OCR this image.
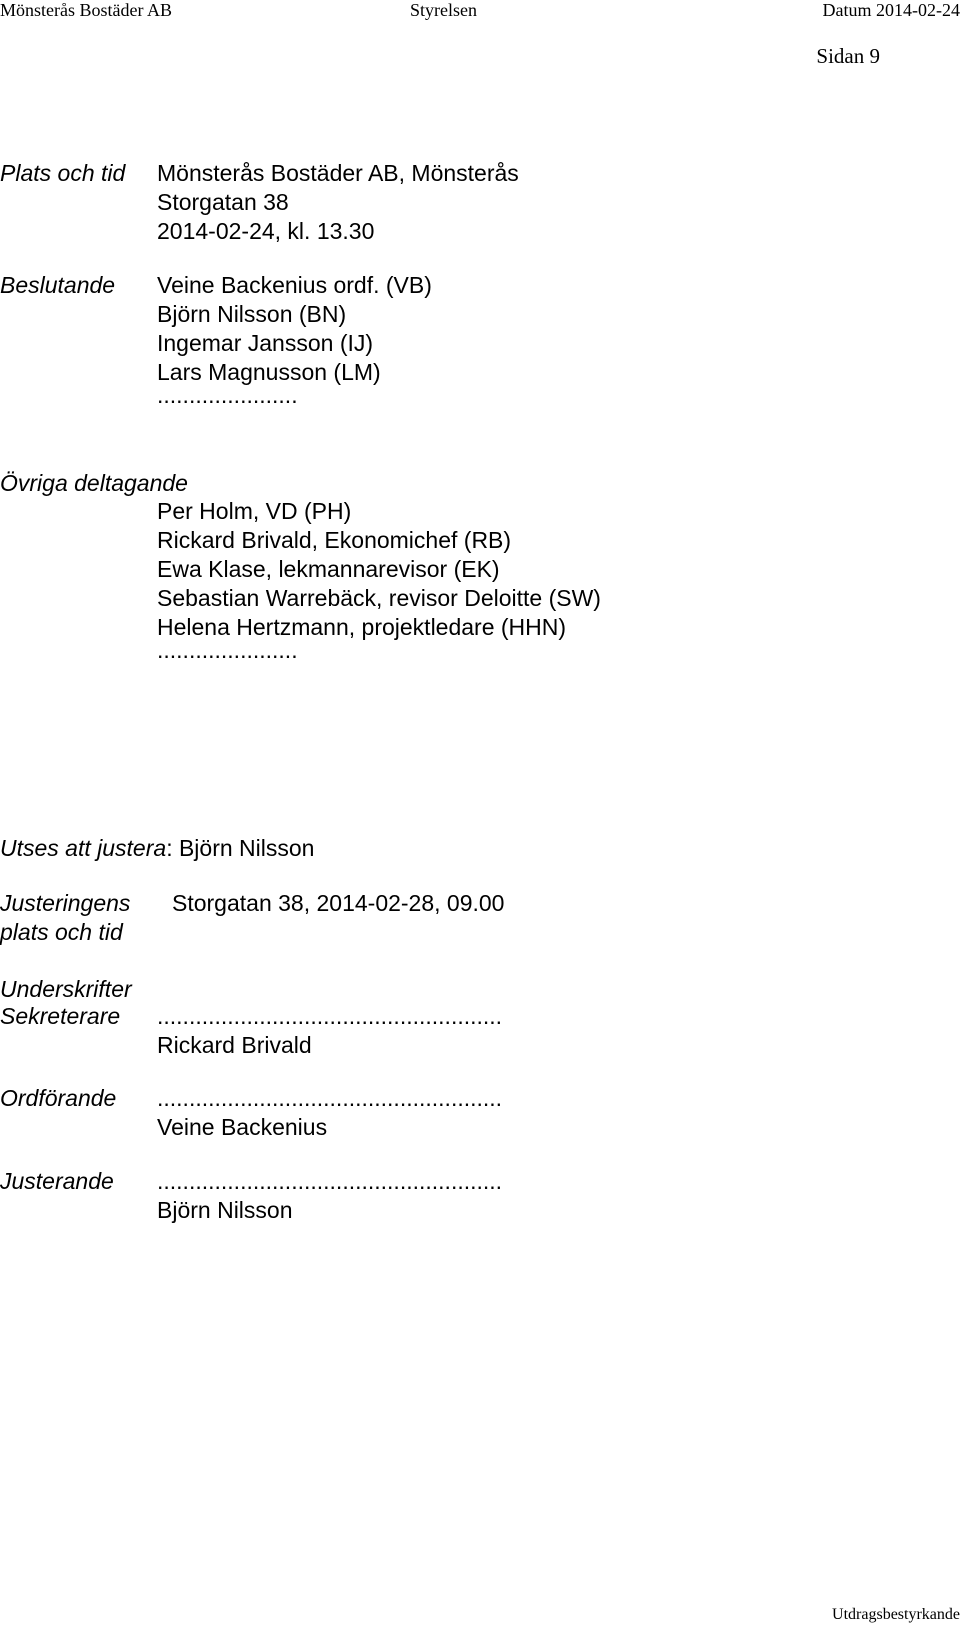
Mönsterås Bostäder AB	Styrelsen	Datum 2014-02-24
Sidan 9
Plats och tid Mönsterås Bostäder AB, Mönsterås
Storgatan 38
2014-02-24, kl. 13.30
Beslutande Veine Backenius ordf. (VB)
Björn Nilsson (BN)
Ingemar Jansson (IJ)
Lars Magnusson (LM)
......................
Övriga deltagande
Per Holm, VD (PH)
Rickard Brivald, Ekonomichef (RB)
Ewa Klase, lekmannarevisor (EK)
Sebastian Warrebäck, revisor Deloitte (SW)
Helena Hertzmann, projektledare (HHN)
......................
Utses att justera: Björn Nilsson
Justeringens
plats och tid
Storgatan 38, 2014-02-28, 09.00
Underskrifter
Sekreterare ......................................................
Rickard Brivald
Ordförande ......................................................
Veine Backenius
Justerande ......................................................
Björn Nilsson
Utdragsbestyrkande
